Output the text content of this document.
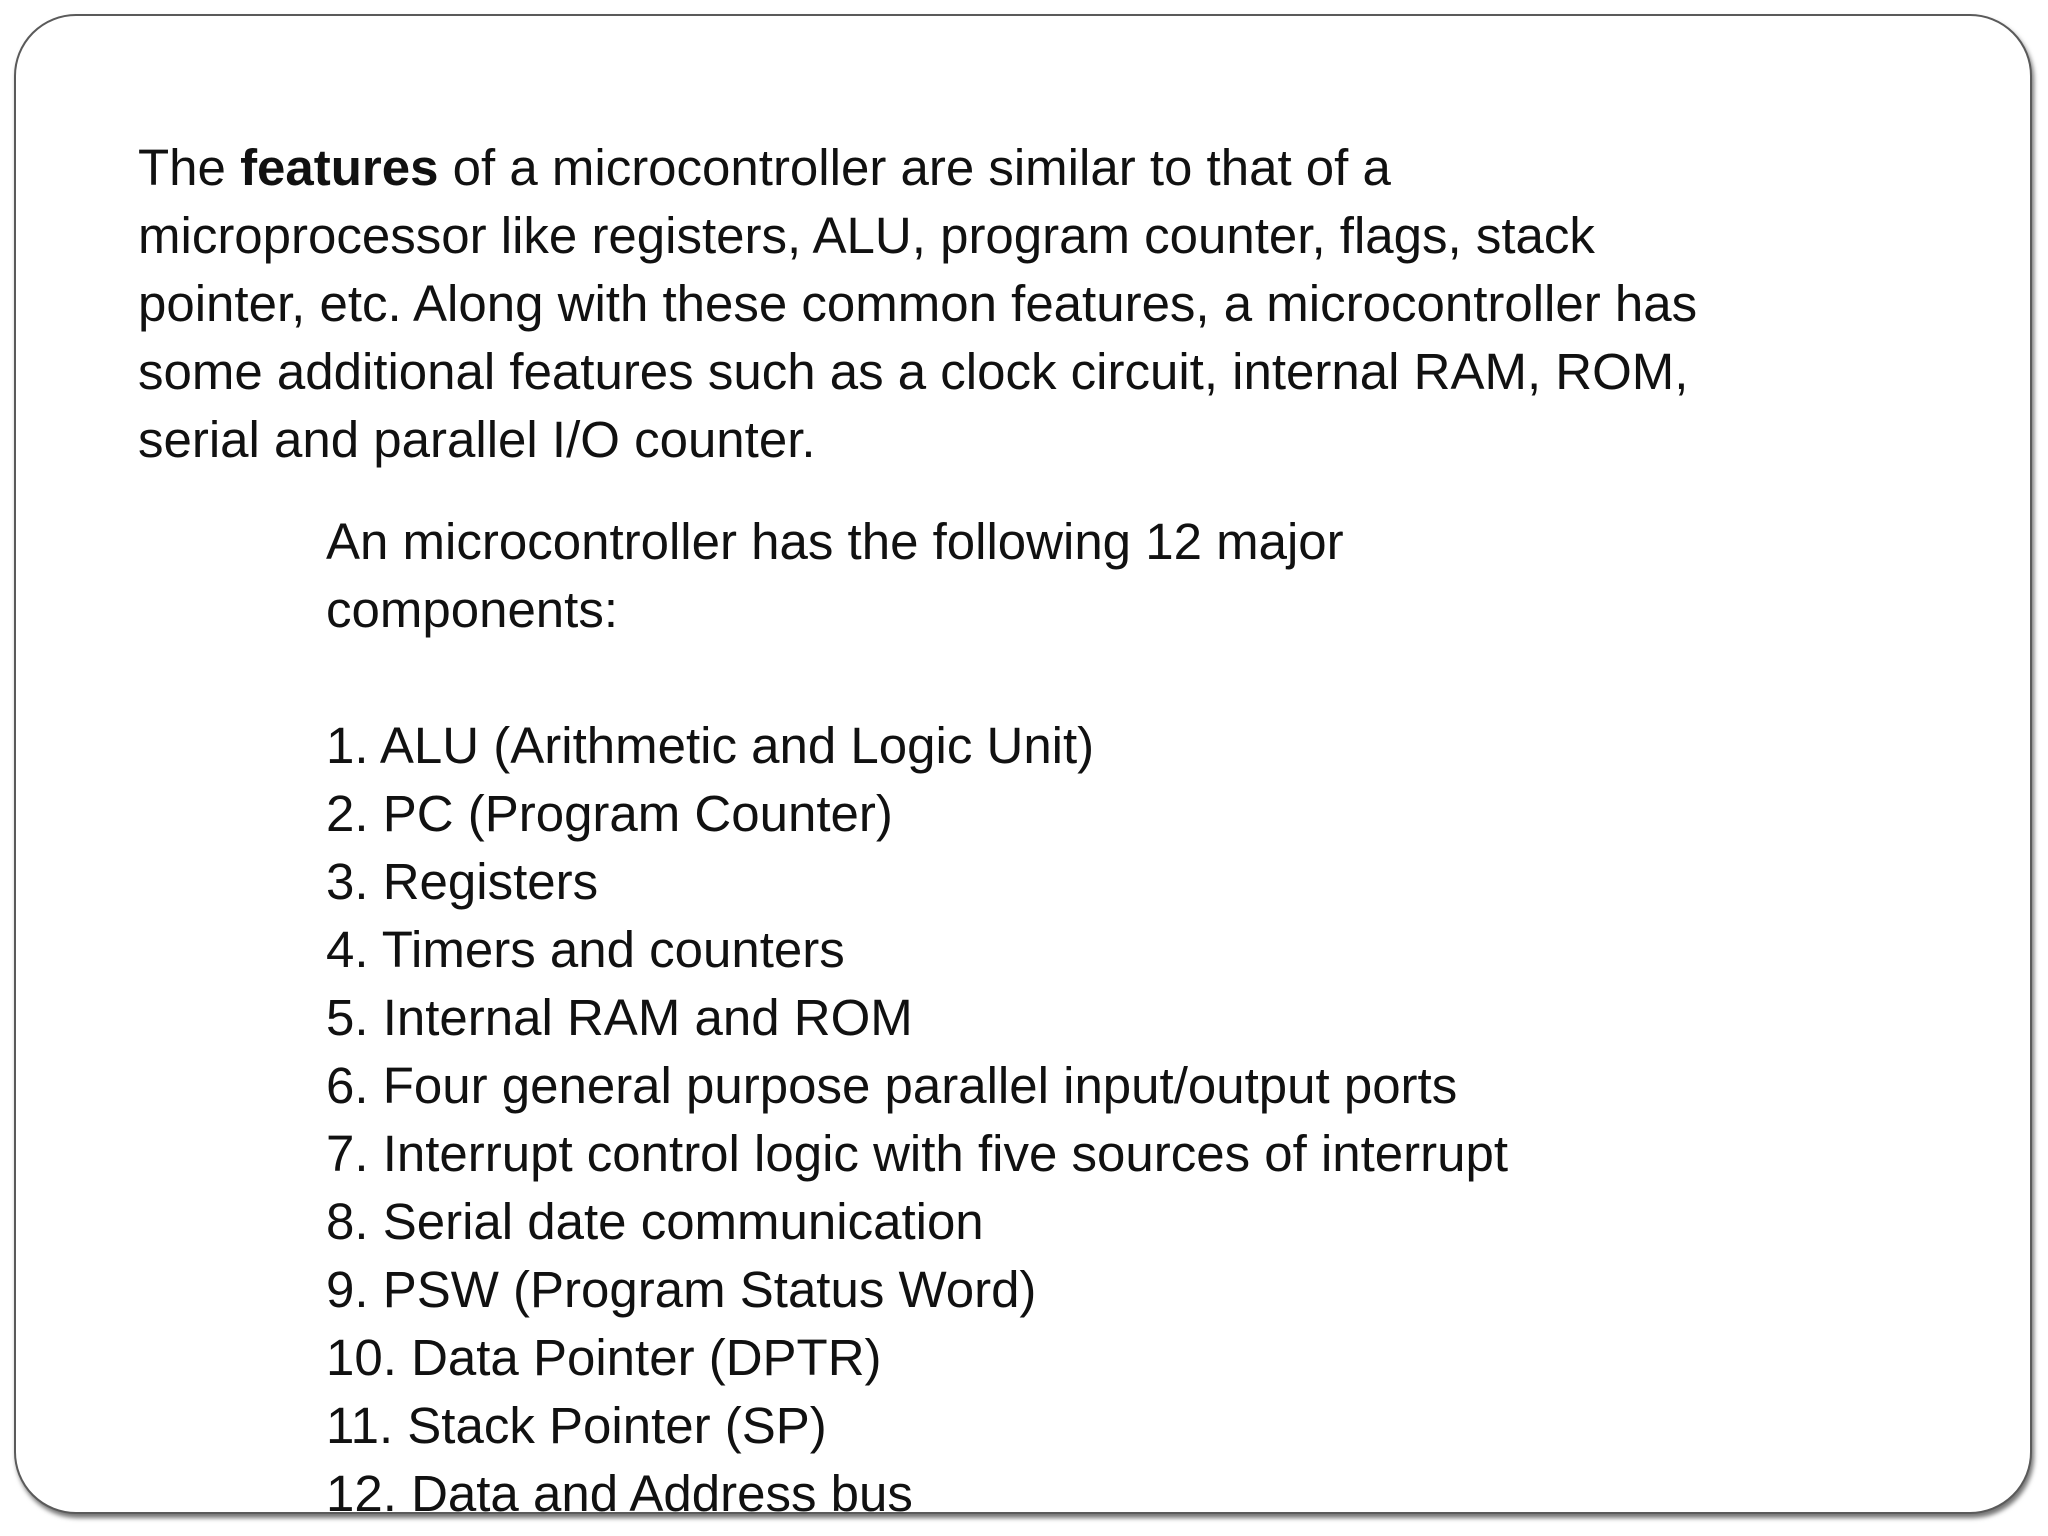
The features of a microcontroller are similar to that of a
microprocessor like registers, ALU, program counter, flags, stack
pointer, etc. Along with these common features, a microcontroller has
some additional features such as a clock circuit, internal RAM, ROM,
serial and parallel I/O counter.
An microcontroller has the following 12 major
components:
1. ALU (Arithmetic and Logic Unit)
2. PC (Program Counter)
3. Registers
4. Timers and counters
5. Internal RAM and ROM
6. Four general purpose parallel input/output ports
7. Interrupt control logic with five sources of interrupt
8. Serial date communication
9. PSW (Program Status Word)
10. Data Pointer (DPTR)
11. Stack Pointer (SP)
12. Data and Address bus
